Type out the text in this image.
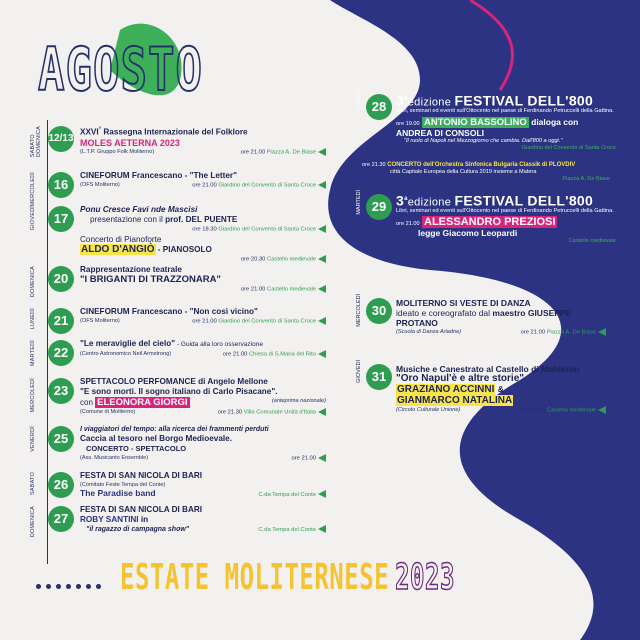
AGOSTO
SABATO DOMENICA 12/13
XXVI° Rassegna Internazionale del Folklore
MOLES AETERNA 2023
(L.T.P. Gruppo Folk Moliterno)	ore 21.00 Piazza A. De Biase
MERCOLEDÌ	16
CINEFORUM Francescano - "The Letter"
(OFS Moliterno)	ore 21.00 Giardino del Convento di Santa Croce
GIOVEDÌ	17
Ponu Cresce Favi nde Mascisi
presentazione con il prof. DEL PUENTE
ore 18.30 Giardino del Convento di Santa Croce
Concerto di Pianoforte
ALDO D'ANGIÒ - PIANOSOLO
ore 20.30 Castello medievale
DOMENICA	20
Rappresentazione teatrale
"I BRIGANTI DI TRAZZONARA"
ore 21.00 Castello medievale
LUNEDÌ	21
CINEFORUM Francescano - "Non così vicino"
(OFS Moliterno)	ore 21.00 Giardino del Convento di Santa Croce
MARTEDÌ	22
"Le meraviglie del cielo" - Guida alla loro osservazione
(Centro Astronomico Neil Armstrong)	ore 21.00 Chiesa di S.Maria del Rito
MERCOLEDÌ	23
SPETTACOLO PERFOMANCE di Angelo Mellone
"E sono morti. Il sogno italiano di Carlo Pisacane".
con ELEONORA GIORGI	(anteprima nazionale)
(Comune di Moliterno)	ore 21.30 Villa Comunale Unità d'Italia
VENERDÌ	25
I viaggiatori del tempo: alla ricerca dei frammenti perduti
Caccia al tesoro nel Borgo Medioevale.
CONCERTO - SPETTACOLO
(Ass. Musicanto Ensemble)	ore 21.00
SABATO	26
FESTA DI SAN NICOLA DI BARI
(Comitato Feste Tempa del Conte)
The Paradise band	C.da Tempa del Conte
DOMENICA	27
FESTA DI SAN NICOLA DI BARI
ROBY SANTINI in
"il ragazzo di campagna show"	C.da Tempa del Conte
LUNEDÌ 28 3$^a$edizione FESTIVAL DELL'800
Libri, seminari ed eventi sull'Ottocento nel paese di Ferdinando Petruccelli della Gattina.
ore 19.00 ANTONIO BASSOLINO dialoga con
ANDREA DI CONSOLI
"Il ruolo di Napoli nel Mezzogiorno che cambia. Dall'800 a oggi."
Giardino del Convento di Santa Croce
ore 21.30 CONCERTO dell'Orchestra Sinfonica Bulgaria Classik di PLOVDIV
città Capitale Europea della Cultura 2019 insieme a Matera
Piazza A. De Biase
MARTEDÌ 29 3$^a$edizione FESTIVAL DELL'800
Libri, seminari ed eventi sull'Ottocento nel paese di Ferdinando Petruccelli della Gattina.
ore 21.00 ALESSANDRO PREZIOSI
legge Giacomo Leopardi
Castello medievale
MERCOLEDÌ 30	MOLITERNO SI VESTE DI DANZA
ideato e coreografato dal maestro GIUSEPPE PROTANO
(Scuola di Danza Ariadne)	ore 21.00 Piazza A. De Biase
GIOVEDÌ 31	Musiche e Canestrato al Castello di Moliterno
"Oro Napul'è e altre storie"
GRAZIANO ACCINNI &
GIANMARCO NATALINA
(Circolo Culturale Unione)	ore 21.00 Castello medievale
ESTATE MOLITERNESE 2023
